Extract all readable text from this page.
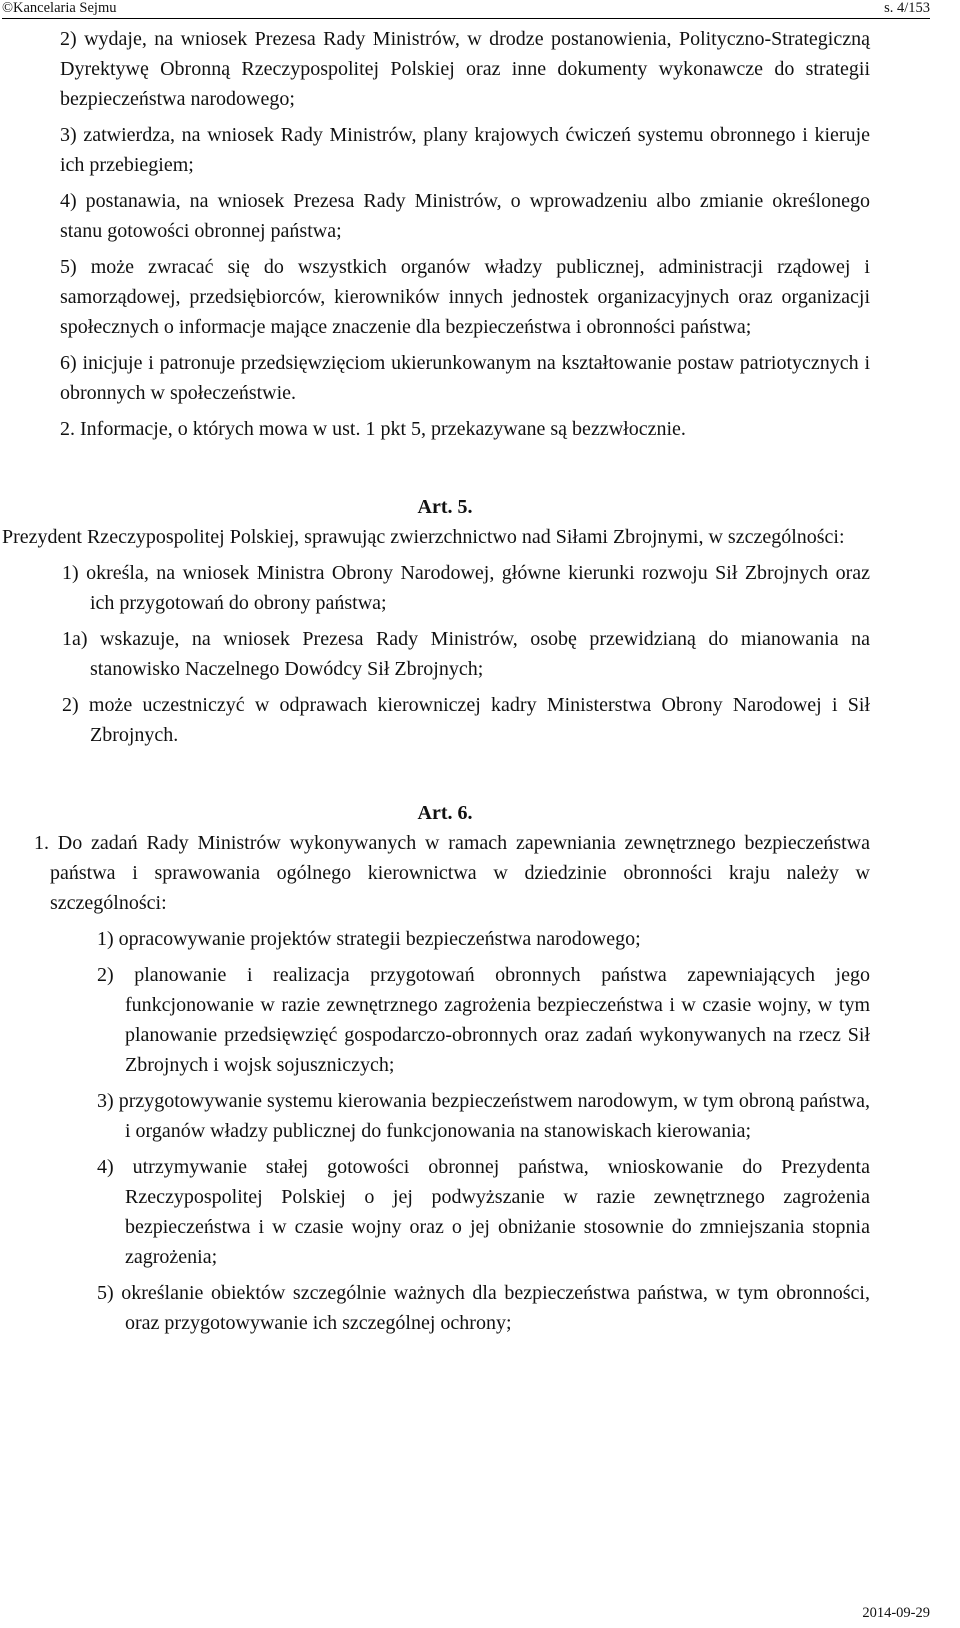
©Kancelaria Sejmu	s. 4/153

2) wydaje, na wniosek Prezesa Rady Ministrów, w drodze postanowienia, Polityczno-Strategiczną Dyrektywę Obronną Rzeczypospolitej Polskiej oraz inne dokumenty wykonawcze do strategii bezpieczeństwa narodowego;

3) zatwierdza, na wniosek Rady Ministrów, plany krajowych ćwiczeń systemu obronnego i kieruje ich przebiegiem;

4) postanawia, na wniosek Prezesa Rady Ministrów, o wprowadzeniu albo zmianie określonego stanu gotowości obronnej państwa;

5) może zwracać się do wszystkich organów władzy publicznej, administracji rządowej i samorządowej, przedsiębiorców, kierowników innych jednostek organizacyjnych oraz organizacji społecznych o informacje mające znaczenie dla bezpieczeństwa i obronności państwa;

6) inicjuje i patronuje przedsięwzięciom ukierunkowanym na kształtowanie postaw patriotycznych i obronnych w społeczeństwie.

2. Informacje, o których mowa w ust. 1 pkt 5, przekazywane są bezzwłocznie.

Art. 5.

Prezydent Rzeczypospolitej Polskiej, sprawując zwierzchnictwo nad Siłami Zbrojnymi, w szczególności:

1) określa, na wniosek Ministra Obrony Narodowej, główne kierunki rozwoju Sił Zbrojnych oraz ich przygotowań do obrony państwa;

1a) wskazuje, na wniosek Prezesa Rady Ministrów, osobę przewidzianą do mianowania na stanowisko Naczelnego Dowódcy Sił Zbrojnych;

2) może uczestniczyć w odprawach kierowniczej kadry Ministerstwa Obrony Narodowej i Sił Zbrojnych.

Art. 6.

1. Do zadań Rady Ministrów wykonywanych w ramach zapewniania zewnętrznego bezpieczeństwa państwa i sprawowania ogólnego kierownictwa w dziedzinie obronności kraju należy w szczególności:

1) opracowywanie projektów strategii bezpieczeństwa narodowego;

2) planowanie i realizacja przygotowań obronnych państwa zapewniających jego funkcjonowanie w razie zewnętrznego zagrożenia bezpieczeństwa i w czasie wojny, w tym planowanie przedsięwzięć gospodarczo-obronnych oraz zadań wykonywanych na rzecz Sił Zbrojnych i wojsk sojuszniczych;

3) przygotowywanie systemu kierowania bezpieczeństwem narodowym, w tym obroną państwa, i organów władzy publicznej do funkcjonowania na stanowiskach kierowania;

4) utrzymywanie stałej gotowości obronnej państwa, wnioskowanie do Prezydenta Rzeczypospolitej Polskiej o jej podwyższanie w razie zewnętrznego zagrożenia bezpieczeństwa i w czasie wojny oraz o jej obniżanie stosownie do zmniejszania stopnia zagrożenia;

5) określanie obiektów szczególnie ważnych dla bezpieczeństwa państwa, w tym obronności, oraz przygotowywanie ich szczególnej ochrony;

2014-09-29
